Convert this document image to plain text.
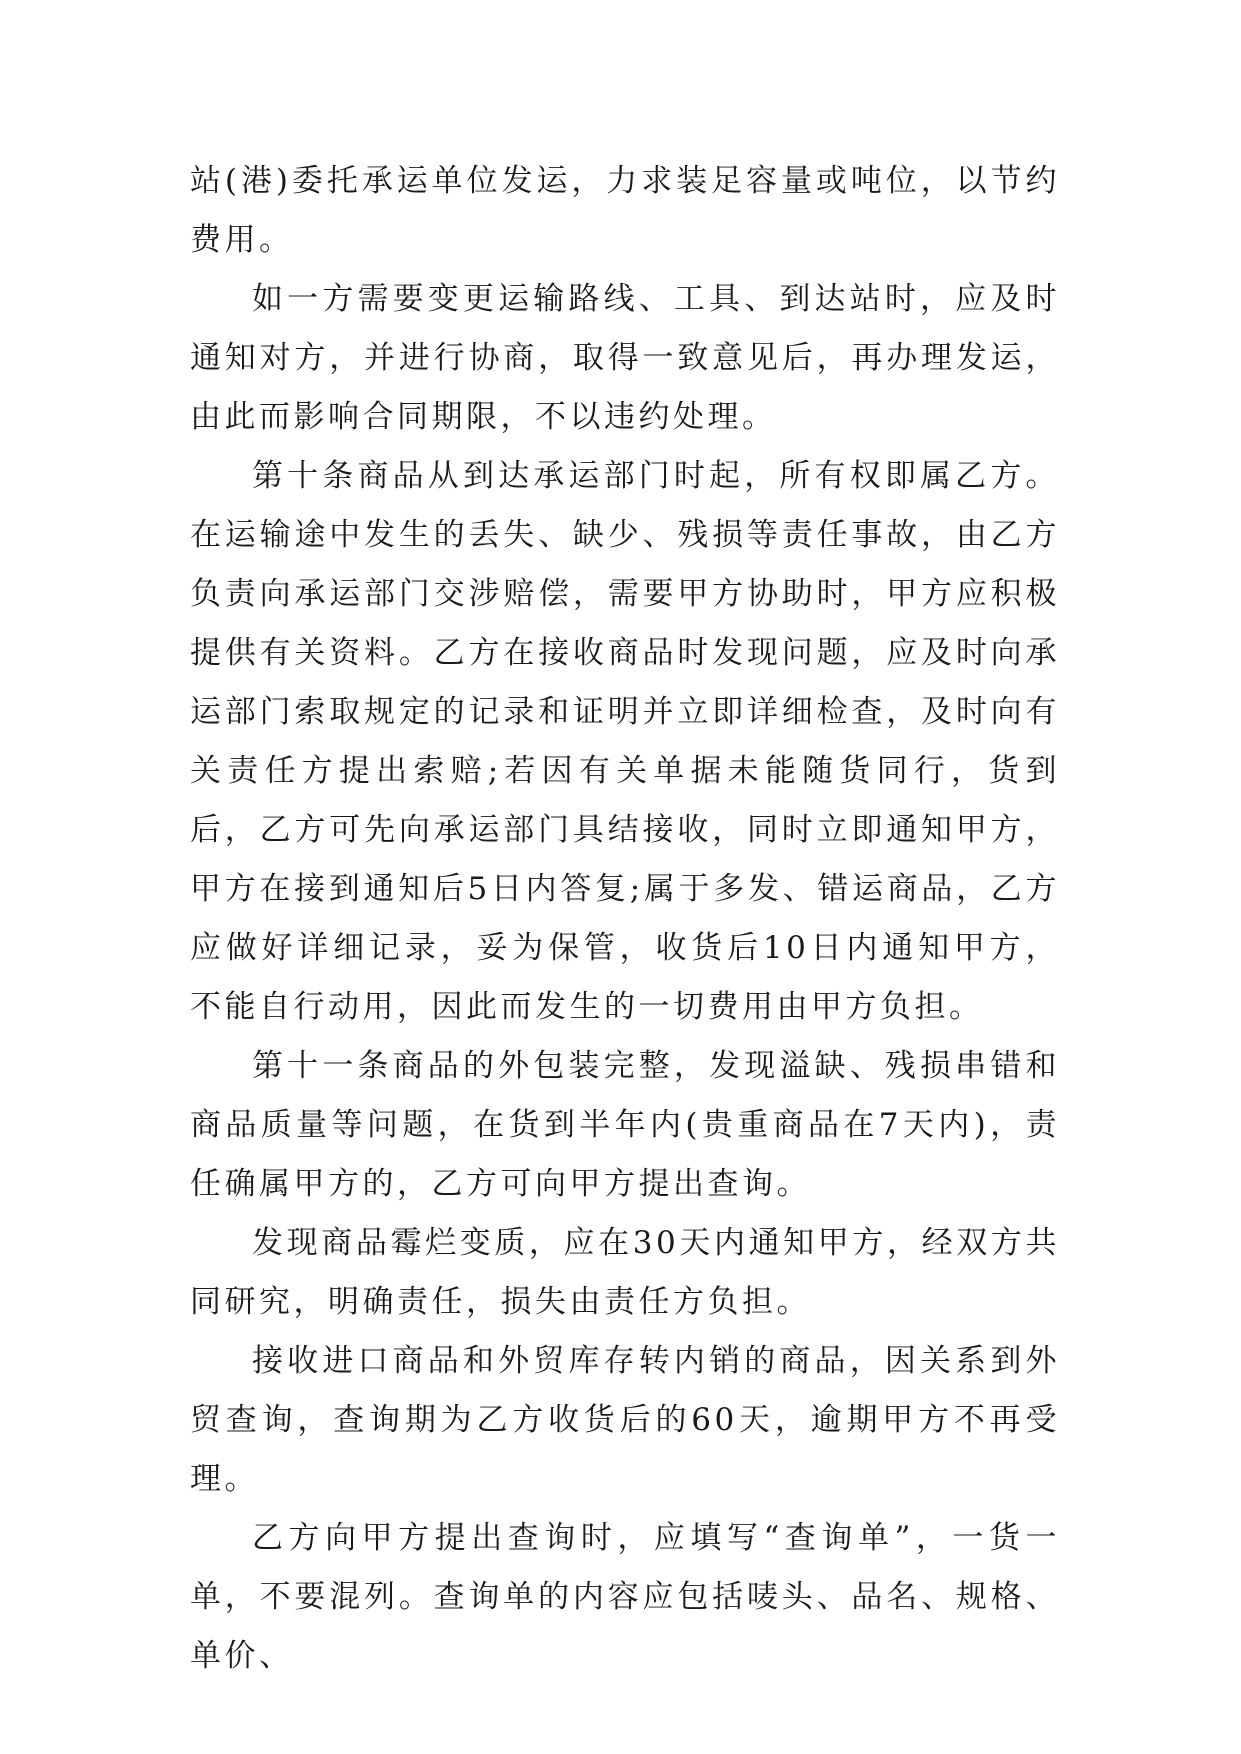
站(港)委托承运单位发运，力求装足容量或吨位，以节约费用。

如一方需要变更运输路线、工具、到达站时，应及时通知对方，并进行协商，取得一致意见后，再办理发运，由此而影响合同期限，不以违约处理。

第十条商品从到达承运部门时起，所有权即属乙方。在运输途中发生的丢失、缺少、残损等责任事故，由乙方负责向承运部门交涉赔偿，需要甲方协助时，甲方应积极提供有关资料。乙方在接收商品时发现问题，应及时向承运部门索取规定的记录和证明并立即详细检查，及时向有关责任方提出索赔;若因有关单据未能随货同行，货到后，乙方可先向承运部门具结接收，同时立即通知甲方，甲方在接到通知后5日内答复;属于多发、错运商品，乙方应做好详细记录，妥为保管，收货后10日内通知甲方，不能自行动用，因此而发生的一切费用由甲方负担。

第十一条商品的外包装完整，发现溢缺、残损串错和商品质量等问题，在货到半年内(贵重商品在7天内)，责任确属甲方的，乙方可向甲方提出查询。

发现商品霉烂变质，应在30天内通知甲方，经双方共同研究，明确责任，损失由责任方负担。

接收进口商品和外贸库存转内销的商品，因关系到外贸查询，查询期为乙方收货后的60天，逾期甲方不再受理。

乙方向甲方提出查询时，应填写“查询单”，一货一单，不要混列。查询单的内容应包括唛头、品名、规格、单价、
